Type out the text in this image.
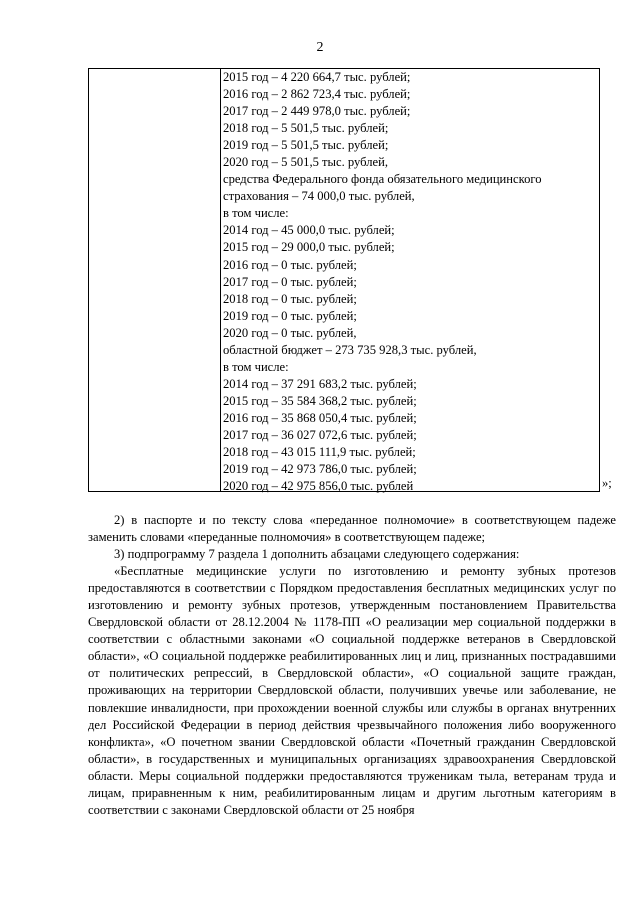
2
2015 год – 4 220 664,7 тыс. рублей;
2016 год – 2 862 723,4 тыс. рублей;
2017 год – 2 449 978,0 тыс. рублей;
2018 год – 5 501,5 тыс. рублей;
2019 год – 5 501,5 тыс. рублей;
2020 год – 5 501,5 тыс. рублей,
средства Федерального фонда обязательного медицинского
страхования – 74 000,0 тыс. рублей,
в том числе:
2014 год – 45 000,0 тыс. рублей;
2015 год – 29 000,0 тыс. рублей;
2016 год – 0 тыс. рублей;
2017 год – 0 тыс. рублей;
2018 год – 0 тыс. рублей;
2019 год – 0 тыс. рублей;
2020 год – 0 тыс. рублей,
областной бюджет – 273 735 928,3 тыс. рублей,
в том числе:
2014 год – 37 291 683,2 тыс. рублей;
2015 год – 35 584 368,2 тыс. рублей;
2016 год – 35 868 050,4 тыс. рублей;
2017 год – 36 027 072,6 тыс. рублей;
2018 год – 43 015 111,9 тыс. рублей;
2019 год – 42 973 786,0 тыс. рублей;
2020 год – 42 975 856,0 тыс. рублей	»;

2) в паспорте и по тексту слова «переданное полномочие» в соответствующем падеже заменить словами «переданные полномочия» в соответствующем падеже;

3) подпрограмму 7 раздела 1 дополнить абзацами следующего содержания:

«Бесплатные медицинские услуги по изготовлению и ремонту зубных протезов предоставляются в соответствии с Порядком предоставления бесплатных медицинских услуг по изготовлению и ремонту зубных протезов, утвержденным постановлением Правительства Свердловской области от 28.12.2004 № 1178-ПП «О реализации мер социальной поддержки в соответствии с областными законами «О социальной поддержке ветеранов в Свердловской области», «О социальной поддержке реабилитированных лиц и лиц, признанных пострадавшими от политических репрессий, в Свердловской области», «О социальной защите граждан, проживающих на территории Свердловской области, получивших увечье или заболевание, не повлекшие инвалидности, при прохождении военной службы или службы в органах внутренних дел Российской Федерации в период действия чрезвычайного положения либо вооруженного конфликта», «О почетном звании Свердловской области «Почетный гражданин Свердловской области», в государственных и муниципальных организациях здравоохранения Свердловской области. Меры социальной поддержки предоставляются труженикам тыла, ветеранам труда и лицам, приравненным к ним, реабилитированным лицам и другим льготным категориям в соответствии с законами Свердловской области от 25 ноября
